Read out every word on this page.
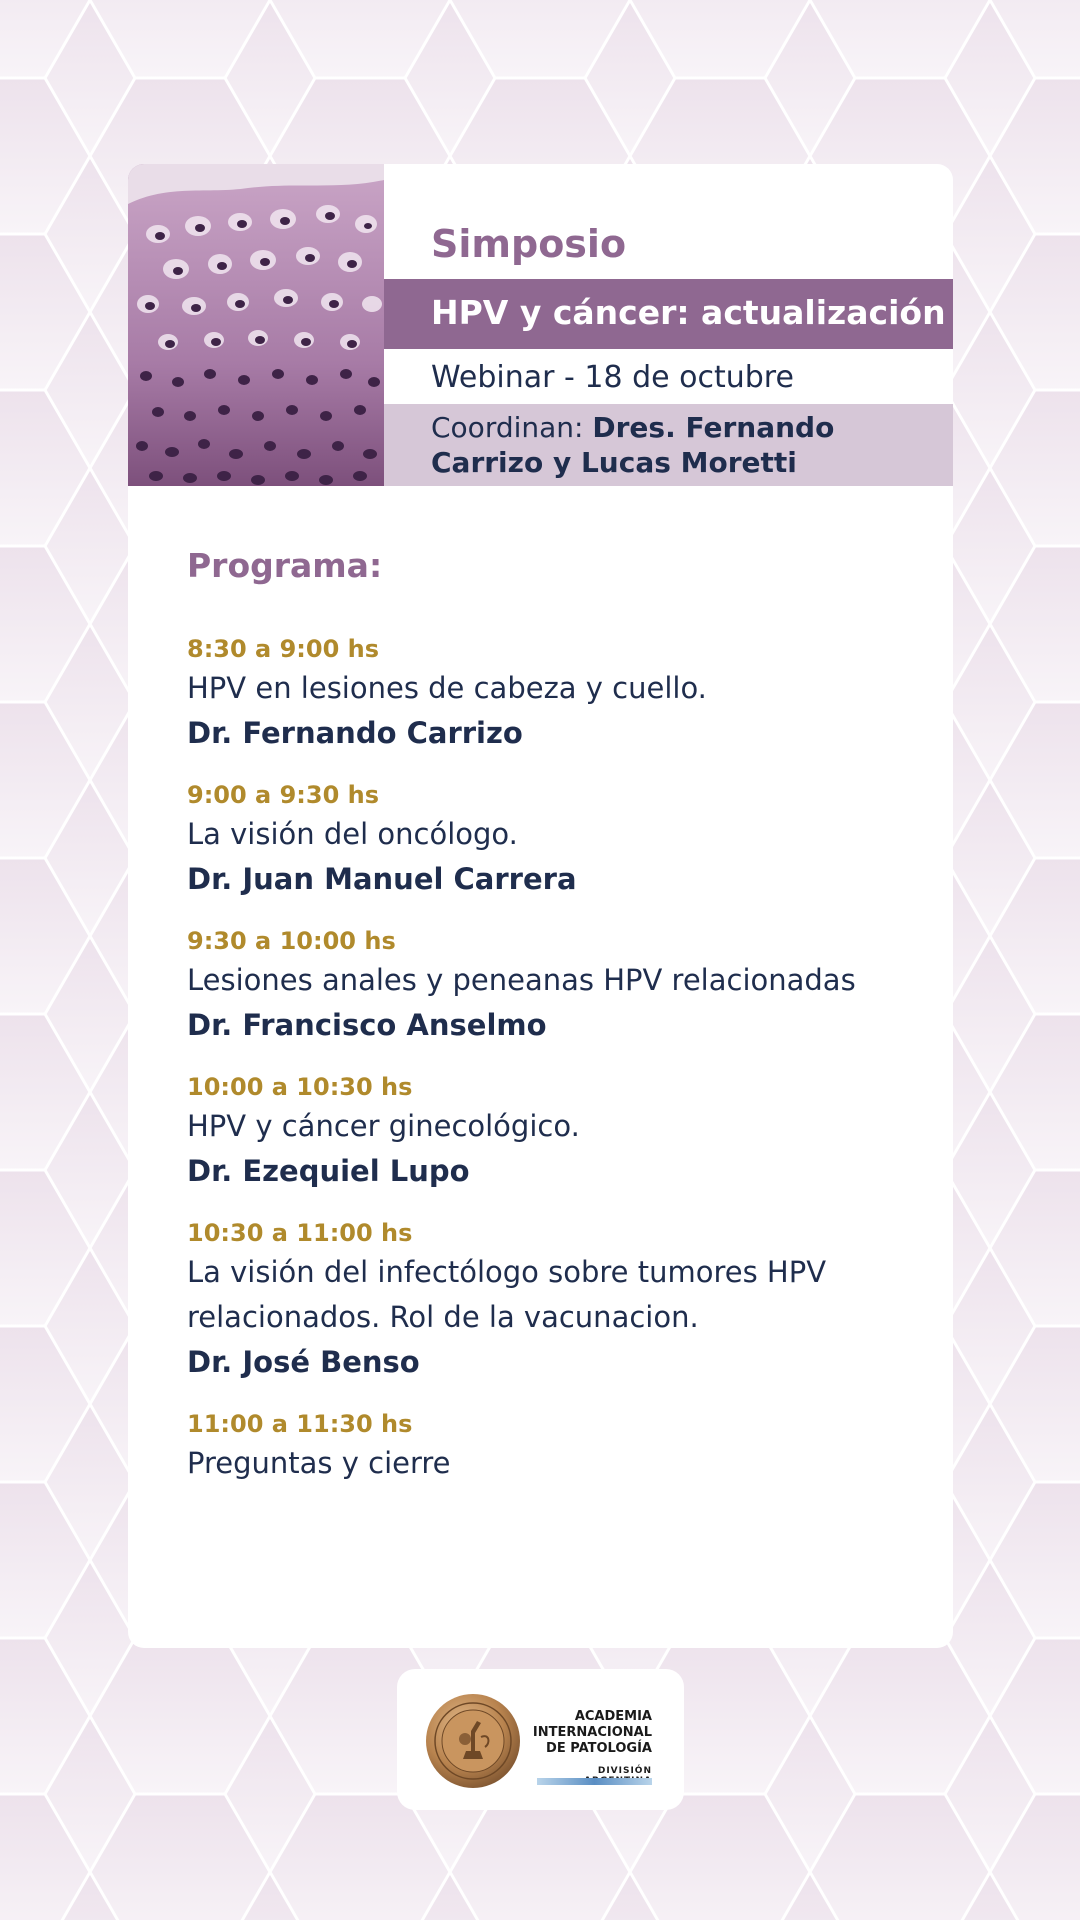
Simposio
HPV y cáncer: actualización
Webinar - 18 de octubre
Coordinan: Dres. Fernando Carrizo y Lucas Moretti
Programa:
8:30 a 9:00 hs
HPV en lesiones de cabeza y cuello.
Dr. Fernando Carrizo
9:00 a 9:30 hs
La visión del oncólogo.
Dr. Juan Manuel Carrera
9:30 a 10:00 hs
Lesiones anales y peneanas HPV relacionadas
Dr. Francisco Anselmo
10:00 a 10:30 hs
HPV y cáncer ginecológico.
Dr. Ezequiel Lupo
10:30 a 11:00 hs
La visión del infectólogo sobre tumores HPV relacionados. Rol de la vacunacion.
Dr. José Benso
11:00 a 11:30 hs
Preguntas y cierre
ACADEMIA
INTERNACIONAL
DE PATOLOGÍA
DIVISIÓN
